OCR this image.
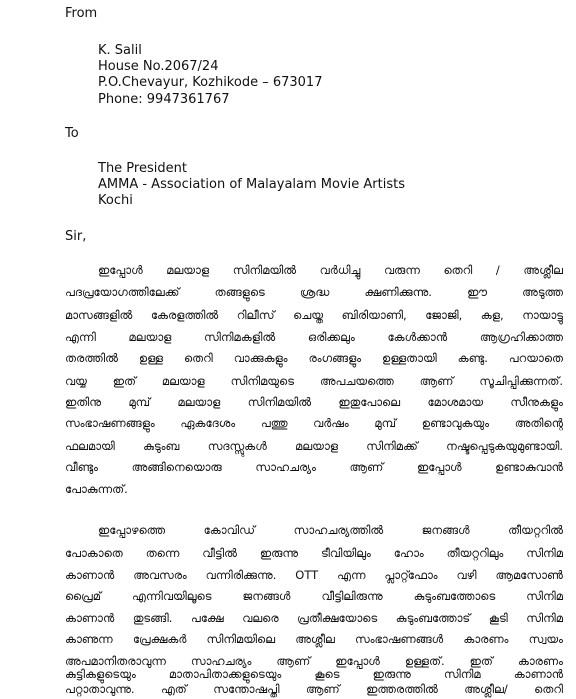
From

K. Salil

House No.2067/24

P.O.Chevayur, Kozhikode – 673017

Phone: 9947361767

To

The President

AMMA - Association of Malayalam Movie Artists

Kochi

Sir,

ഇപ്പോൾ മലയാള സിനിമയിൽ വർധിച്ചു വരുന്ന തെറി / അശ്ലീല

പദപ്രയോഗത്തിലേക്ക് തങ്ങളുടെ ശ്രദ്ധ ക്ഷണിക്കുന്നു. ഈ അടുത്ത

മാസങ്ങളിൽ കേരളത്തിൽ റിലീസ് ചെയ്ത ബിരിയാണി, ജോജി, കള, നായാട്ടു

എന്നി മലയാള സിനിമകളിൽ ഒരിക്കലും കേൾക്കാൻ ആഗ്രഹിക്കാത്ത

തരത്തിൽ ഉള്ള തെറി വാക്കുകളും രംഗങ്ങളും ഉള്ളതായി കണ്ടു. പറയാതെ

വയ്യ ഇത് മലയാള സിനിമയുടെ അപചയത്തെ ആണ് സൂചിപ്പിക്കുന്നത്.

ഇതിനു മുമ്പ് മലയാള സിനിമയിൽ ഇതുപോലെ മോശമായ സീനുകളും

സംഭാഷണങ്ങളും ഏകദേശം പത്തു വർഷം മുമ്പ് ഉണ്ടാവുകയും അതിന്റെ

ഫലമായി കുടുംബ സദസ്സുകൾ മലയാള സിനിമക്ക് നഷ്ടപ്പെടുകയുമുണ്ടായി.

വീണ്ടും അങ്ങിനെയൊരു സാഹചര്യം ആണ് ഇപ്പോൾ ഉണ്ടാകുവാൻ

പോകുന്നത്.

ഇപ്പോഴത്തെ കോവിഡ് സാഹചര്യത്തിൽ ജനങ്ങൾ തീയറ്ററിൽ

പോകാതെ തന്നെ വീട്ടിൽ ഇരുന്നു ടീവിയിലും ഹോം തീയറ്ററിലും സിനിമ

കാണാൻ അവസരം വന്നിരിക്കുന്നു. OTT എന്ന പ്ലാറ്റ്ഫോം വഴി ആമസോൺ

പ്രൈമ് എന്നിവയിലൂടെ ജനങ്ങൾ വീട്ടിലിരുന്നു കുടുംബത്തോടെ സിനിമ

കാണാൻ തുടങ്ങി. പക്ഷേ വലരെ പ്രതീക്ഷയോടെ കുടുംബത്തോട് കൂടി സിനിമ

കാണുന്ന പ്രേക്ഷകർ സിനിമയിലെ അശ്ലീല സംഭാഷണങ്ങൾ കാരണം സ്വയം

അപമാനിതരാവുന്ന സാഹചര്യം ആണ് ഇപ്പോൾ ഉള്ളത്. ഇത് കാരണം

കുട്ടികളുടെയും മാതാപിതാക്കളുടെയും കൂടെ ഇരുന്നു സിനിമ കാണാൻ

പറ്റാതാവുന്നു. എത് സന്തോഷപ്തി ആണ് ഇത്തരത്തിൽ അശ്ലീല/ തെറി
